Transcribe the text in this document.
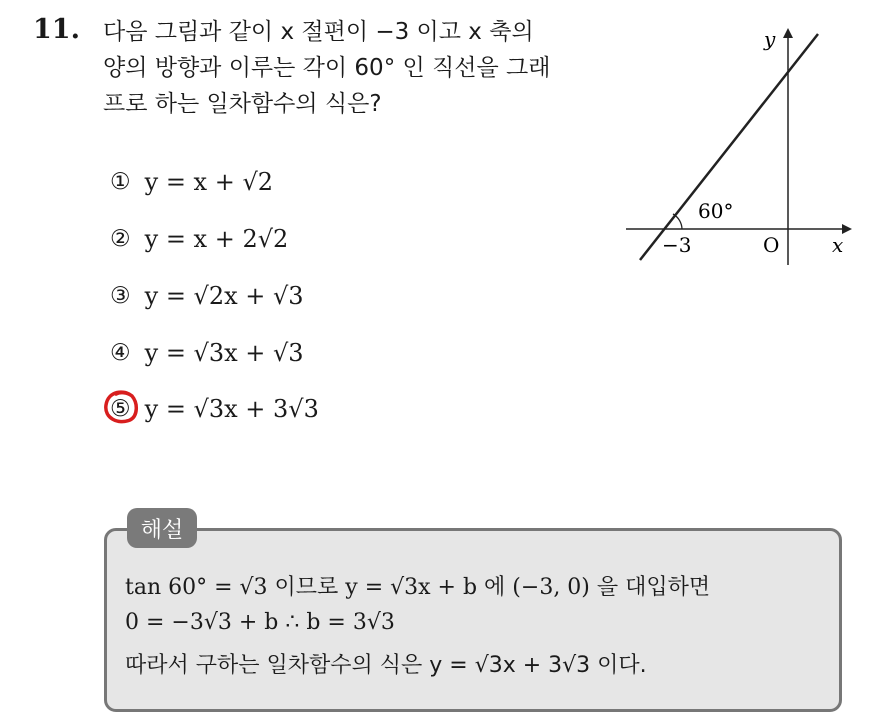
11. 다음 그림과 같이 x 절편이 −3 이고 x 축의
양의 방향과 이루는 각이 60° 인 직선을 그래
프로 하는 일차함수의 식은?
① y = x + √2
② y = x + 2√2
③ y = √2x + √3
④ y = √3x + √3
⑤ y = √3x + 3√3
60°
−3	O	x
y
해설
tan 60° = √3 이므로 y = √3x + b 에 (−3, 0) 을 대입하면
0 = −3√3 + b ∴ b = 3√3
따라서 구하는 일차함수의 식은 y = √3x + 3√3 이다.
